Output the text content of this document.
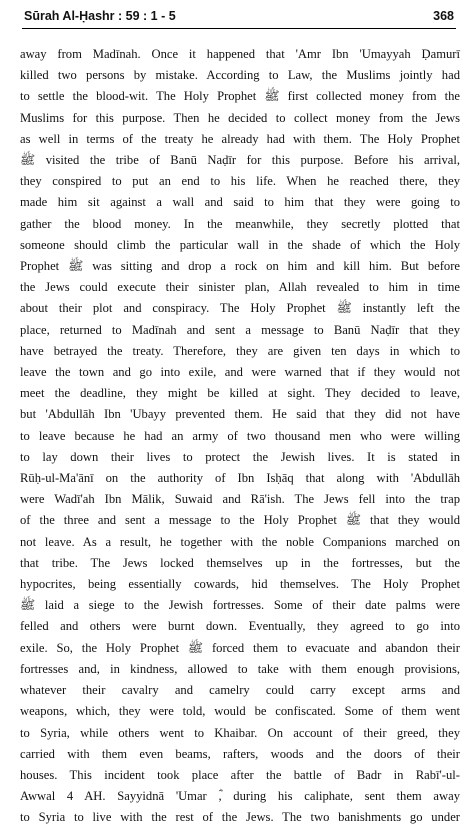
Sūrah Al-Ḥashr : 59 : 1 - 5	368
away from Madīnah. Once it happened that 'Amr Ibn 'Umayyah Ḍamurī
killed two persons by mistake. According to Law, the Muslims jointly had
to settle the blood-wit. The Holy Prophet ﷺ first collected money from the
Muslims for this purpose. Then he decided to collect money from the Jews
as well in terms of the treaty he already had with them. The Holy Prophet
ﷺ visited the tribe of Banū Naḍīr for this purpose. Before his arrival,
they conspired to put an end to his life. When he reached there, they
made him sit against a wall and said to him that they were going to
gather the blood money. In the meanwhile, they secretly plotted that
someone should climb the particular wall in the shade of which the Holy
Prophet ﷺ was sitting and drop a rock on him and kill him. But before
the Jews could execute their sinister plan, Allah revealed to him in time
about their plot and conspiracy. The Holy Prophet ﷺ instantly left the
place, returned to Madīnah and sent a message to Banū Naḍīr that they
have betrayed the treaty. Therefore, they are given ten days in which to
leave the town and go into exile, and were warned that if they would not
meet the deadline, they might be killed at sight. They decided to leave,
but 'Abdullāh Ibn 'Ubayy prevented them. He said that they did not have
to leave because he had an army of two thousand men who were willing
to lay down their lives to protect the Jewish lives. It is stated in
Rūḥ-ul-Ma'ānī on the authority of Ibn Isḥāq that along with 'Abdullāh
were Wadī'ah Ibn Mālik, Suwaid and Rā'ish. The Jews fell into the trap
of the three and sent a message to the Holy Prophet ﷺ that they would
not leave. As a result, he together with the noble Companions marched on
that tribe. The Jews locked themselves up in the fortresses, but the
hypocrites, being essentially cowards, hid themselves. The Holy Prophet
ﷺ laid a siege to the Jewish fortresses. Some of their date palms were
felled and others were burnt down. Eventually, they agreed to go into
exile. So, the Holy Prophet ﷺ forced them to evacuate and abandon their
fortresses and, in kindness, allowed to take with them enough provisions,
whatever their cavalry and camelry could carry except arms and
weapons, which, they were told, would be confiscated. Some of them went
to Syria, while others went to Khaibar. On account of their greed, they
carried with them even beams, rafters, woods and the doors of their
houses. This incident took place after the battle of Badr in Rabī'-ul-
Awwal 4 AH. Sayyidnā 'Umar ؓ, during his caliphate, sent them away
to Syria to live with the rest of the Jews. The two banishments go under
